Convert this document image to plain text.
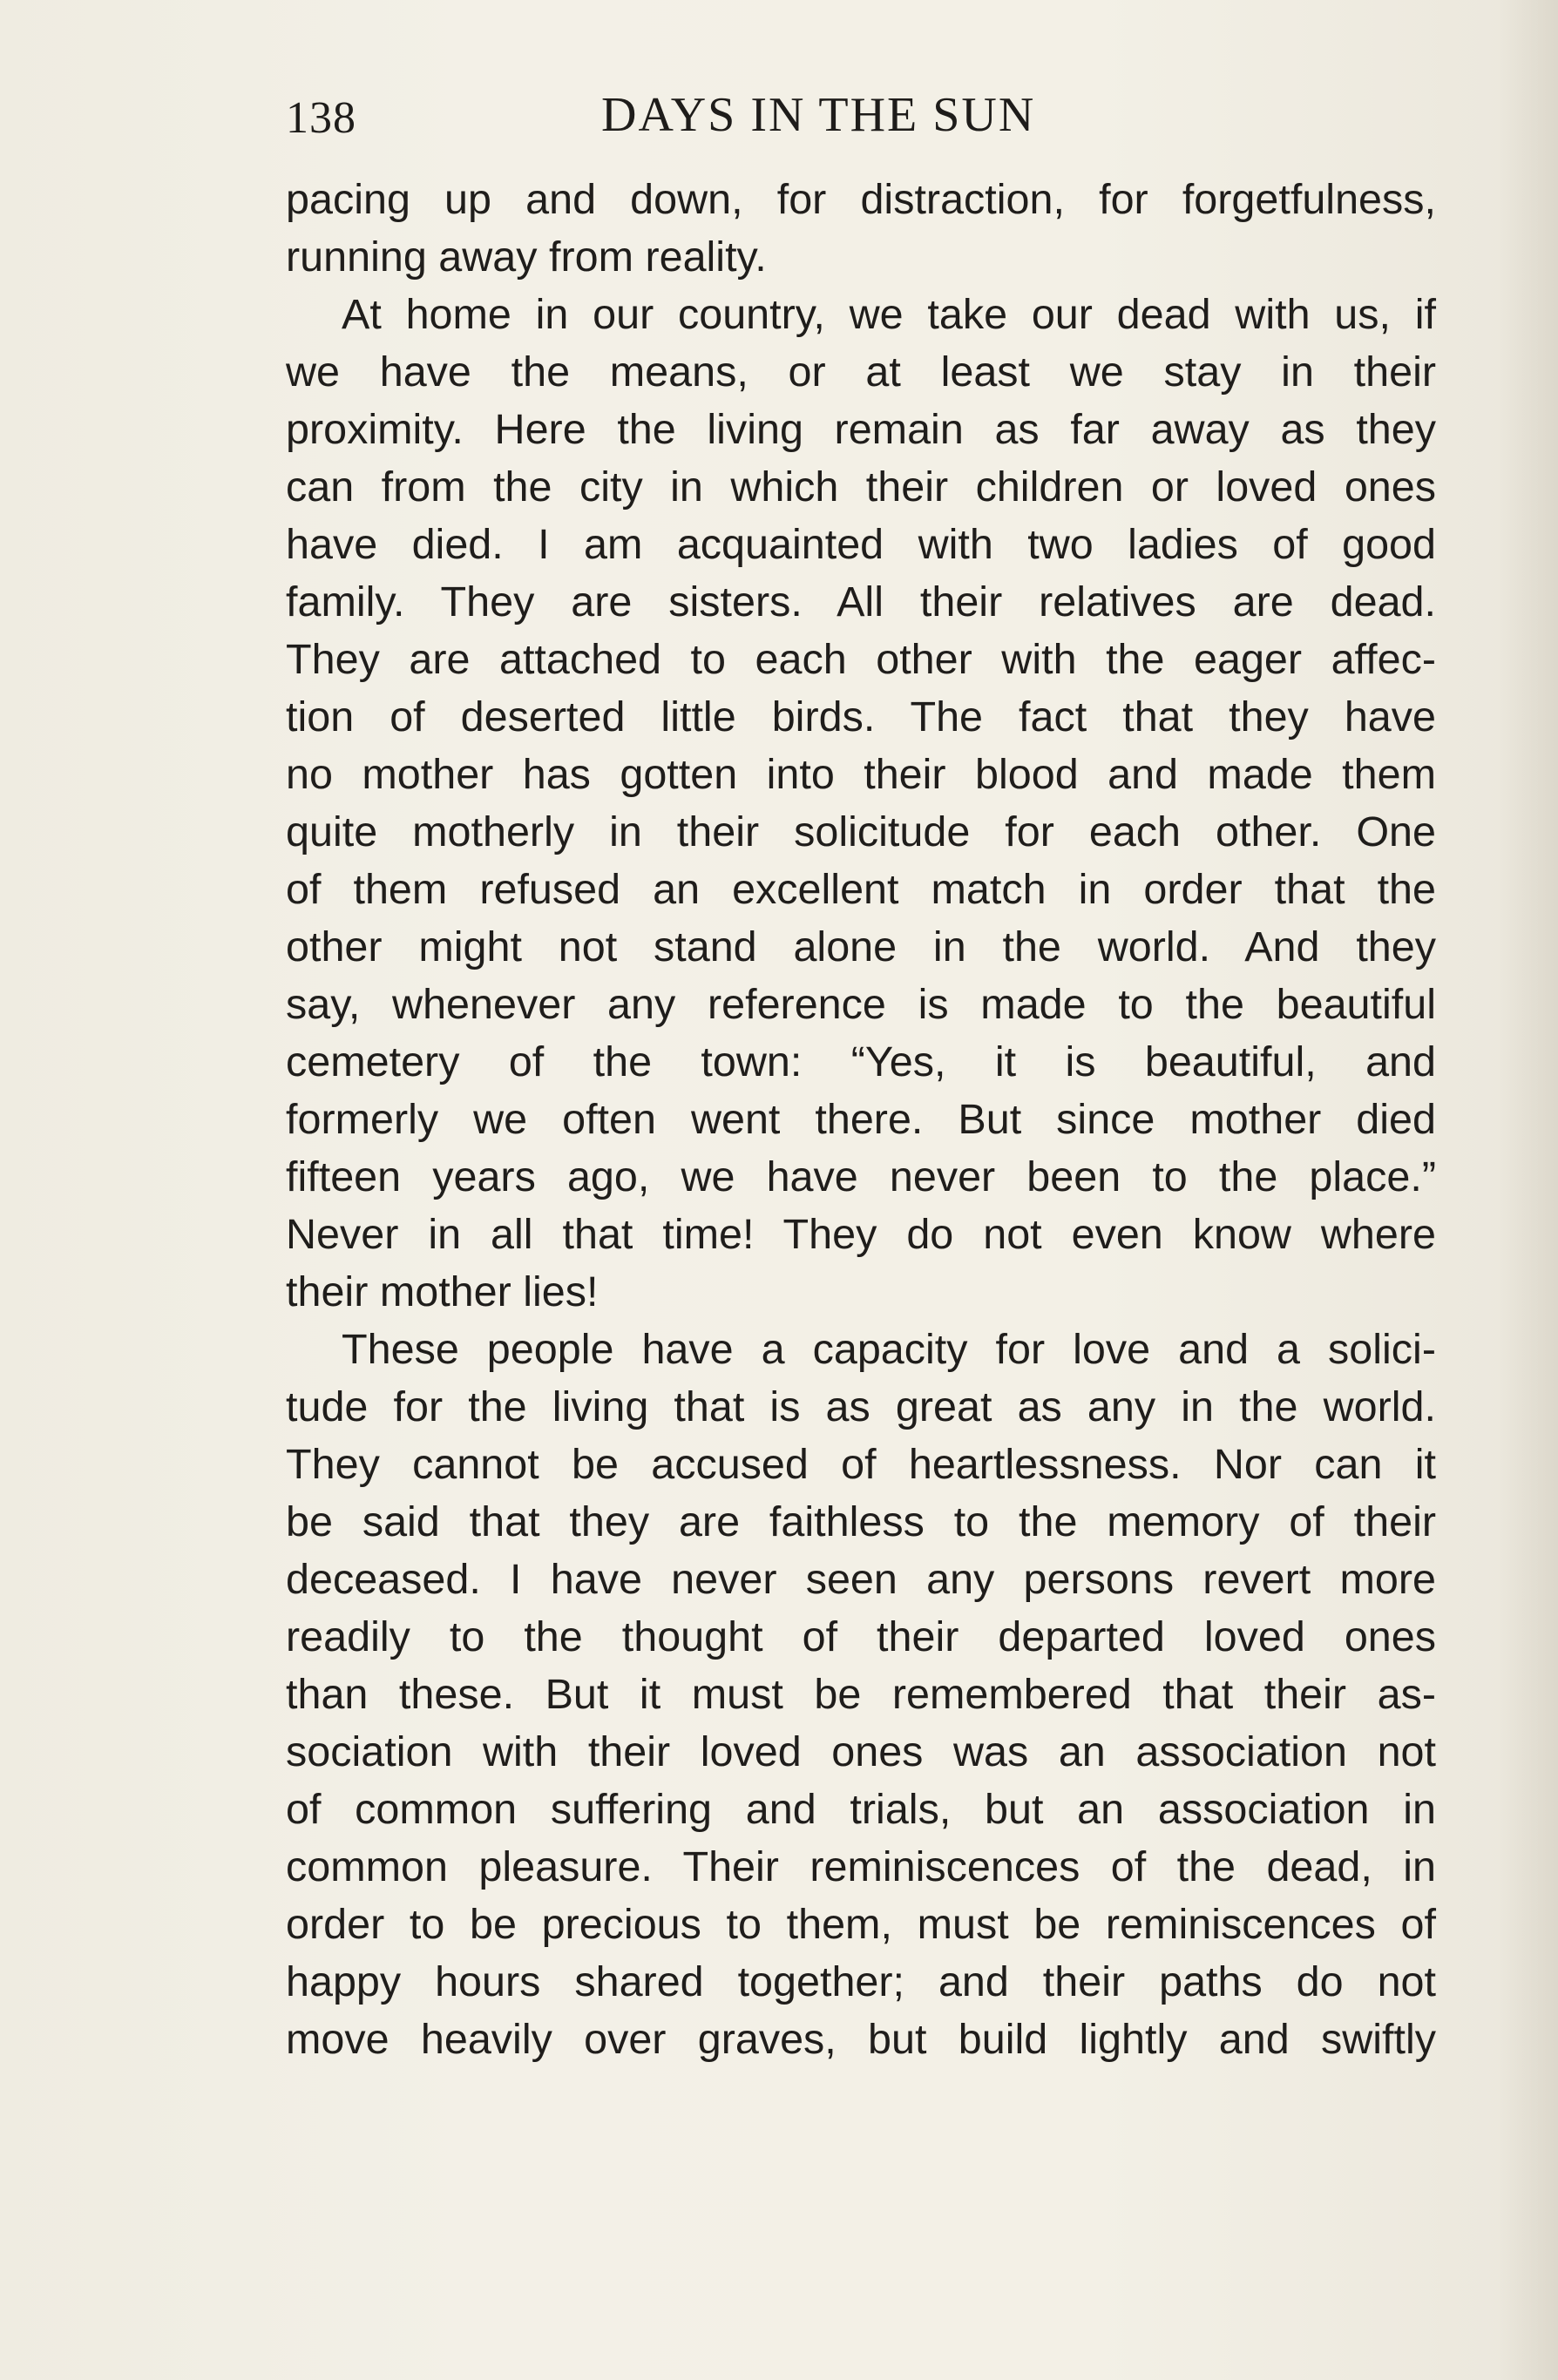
138	DAYS IN THE SUN
pacing up and down, for distraction, for forgetfulness,
running away from reality.
At home in our country, we take our dead with us, if
we have the means, or at least we stay in their
proximity. Here the living remain as far away as they
can from the city in which their children or loved ones
have died. I am acquainted with two ladies of good
family. They are sisters. All their relatives are dead.
They are attached to each other with the eager affec-
tion of deserted little birds. The fact that they have
no mother has gotten into their blood and made them
quite motherly in their solicitude for each other. One
of them refused an excellent match in order that the
other might not stand alone in the world. And they
say, whenever any reference is made to the beautiful
cemetery of the town: “Yes, it is beautiful, and
formerly we often went there. But since mother died
fifteen years ago, we have never been to the place.”
Never in all that time! They do not even know where
their mother lies!
These people have a capacity for love and a solici-
tude for the living that is as great as any in the world.
They cannot be accused of heartlessness. Nor can it
be said that they are faithless to the memory of their
deceased. I have never seen any persons revert more
readily to the thought of their departed loved ones
than these. But it must be remembered that their as-
sociation with their loved ones was an association not
of common suffering and trials, but an association in
common pleasure. Their reminiscences of the dead, in
order to be precious to them, must be reminiscences of
happy hours shared together; and their paths do not
move heavily over graves, but build lightly and swiftly
